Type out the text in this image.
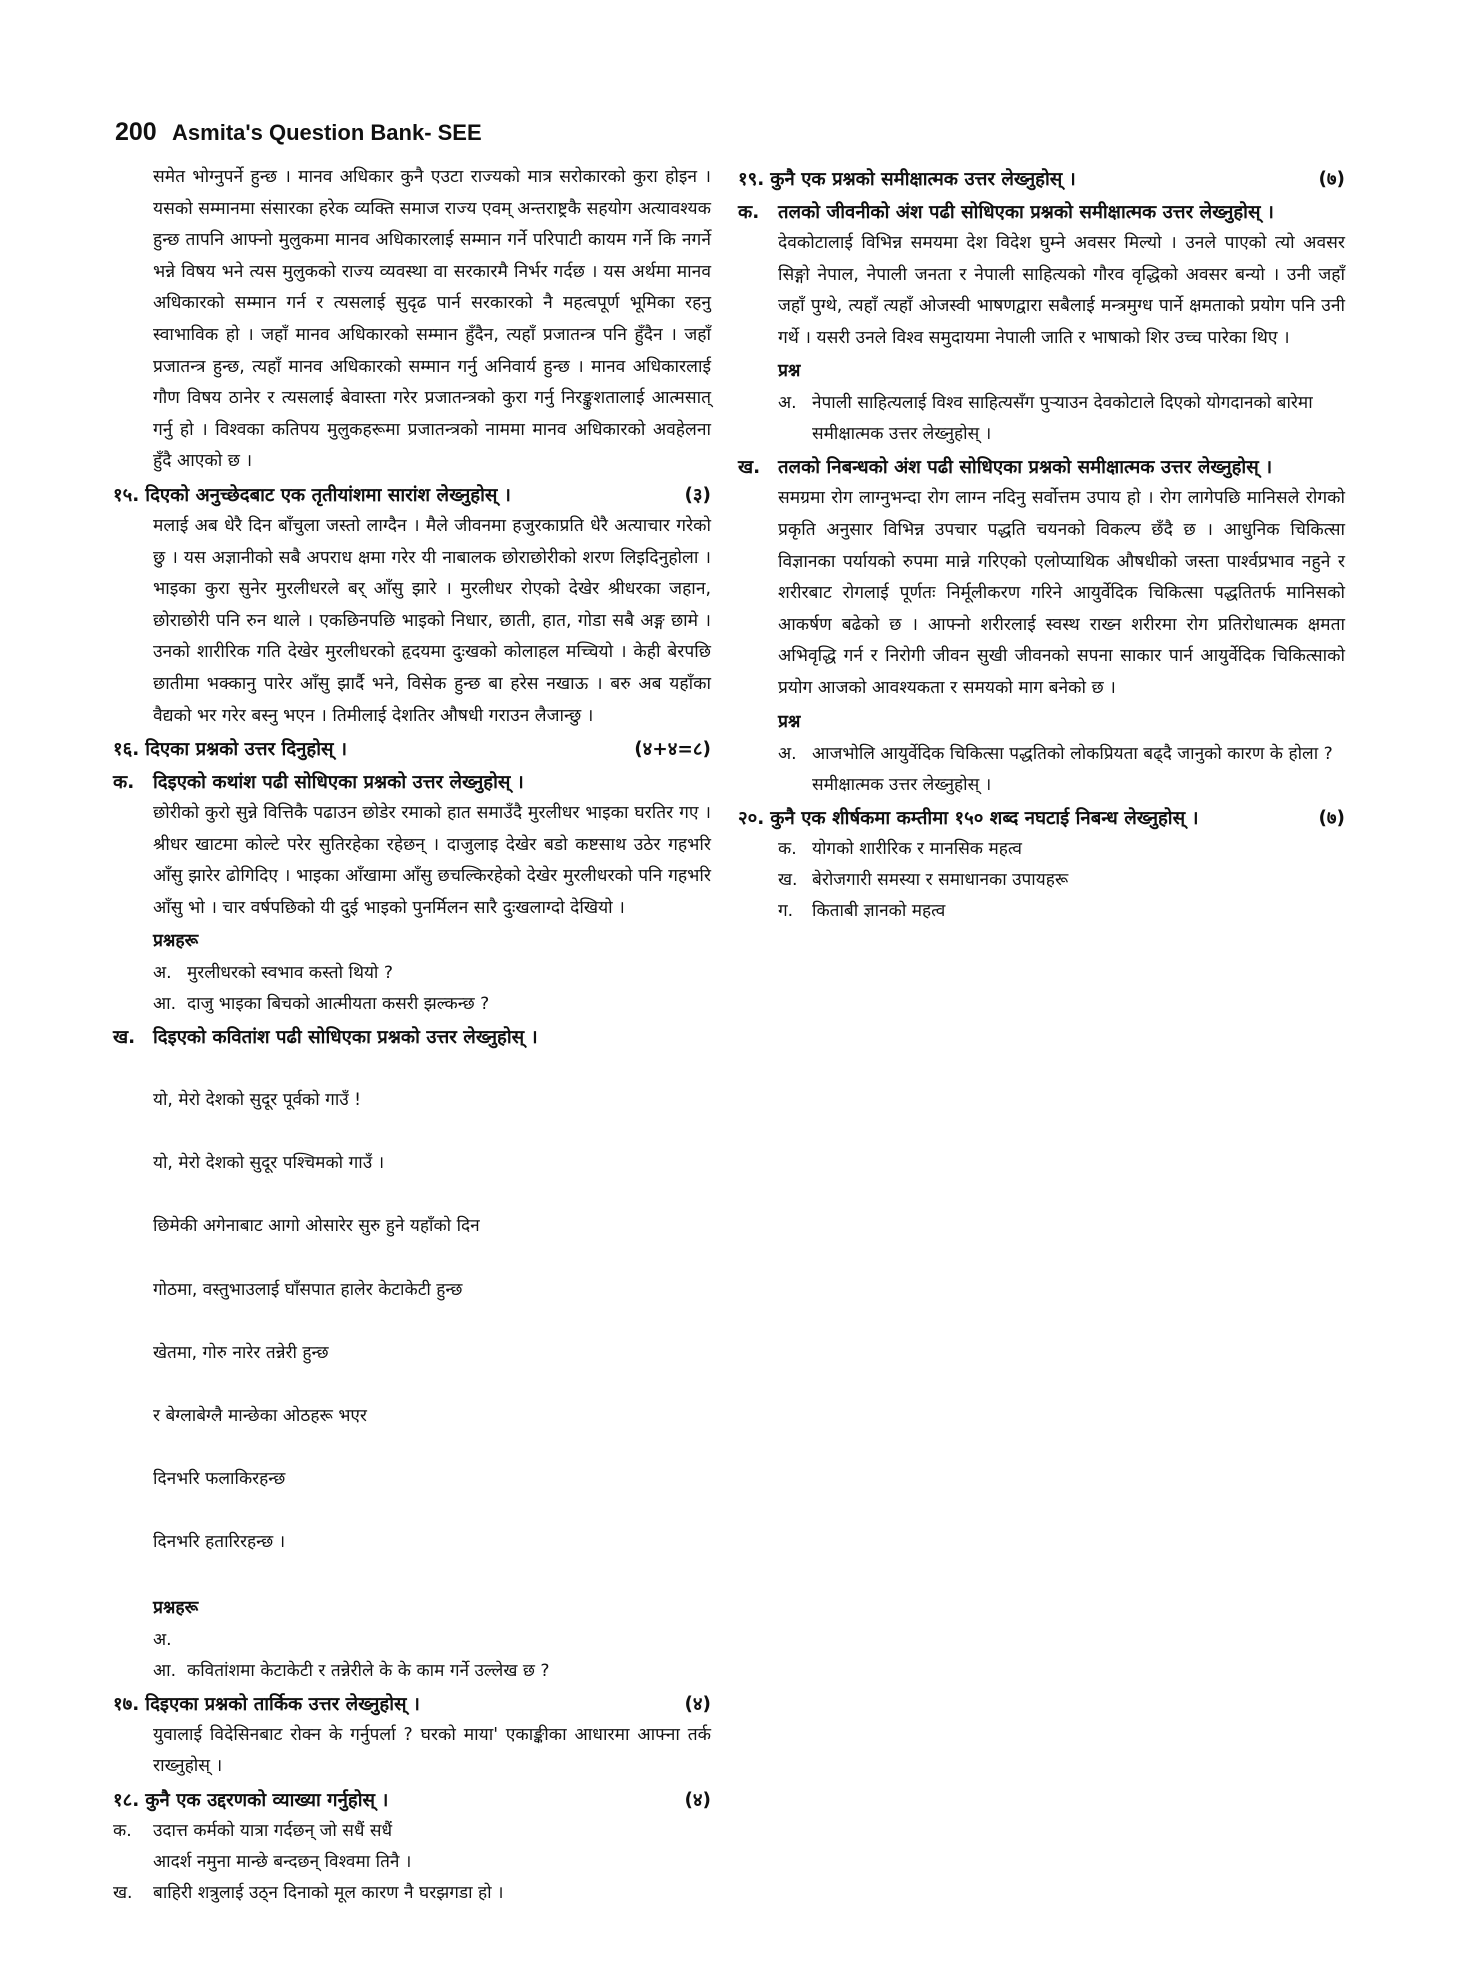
200 Asmita's Question Bank- SEE

समेत भोग्नुपर्ने हुन्छ । मानव अधिकार कुनै एउटा राज्यको मात्र सरोकारको कुरा होइन । यसको सम्मानमा संसारका हरेक व्यक्ति समाज राज्य एवम् अन्तराष्ट्रकै सहयोग अत्यावश्यक हुन्छ तापनि आफ्नो मुलुकमा मानव अधिकारलाई सम्मान गर्ने परिपाटी कायम गर्ने कि नगर्ने भन्ने विषय भने त्यस मुलुकको राज्य व्यवस्था वा सरकारमै निर्भर गर्दछ । यस अर्थमा मानव अधिकारको सम्मान गर्न र त्यसलाई सुदृढ पार्न सरकारको नै महत्वपूर्ण भूमिका रहनु स्वाभाविक हो । जहाँ मानव अधिकारको सम्मान हुँदैन, त्यहाँ प्रजातन्त्र पनि हुँदैन । जहाँ प्रजातन्त्र हुन्छ, त्यहाँ मानव अधिकारको सम्मान गर्नु अनिवार्य हुन्छ । मानव अधिकारलाई गौण विषय ठानेर र त्यसलाई बेवास्ता गरेर प्रजातन्त्रको कुरा गर्नु निरङ्कुशतालाई आत्मसात् गर्नु हो । विश्वका कतिपय मुलुकहरूमा प्रजातन्त्रको नाममा मानव अधिकारको अवहेलना हुँदै आएको छ ।

१५. दिएको अनुच्छेदबाट एक तृतीयांशमा सारांश लेख्नुहोस् ।	(३)

मलाई अब धेरै दिन बाँचुला जस्तो लाग्दैन । मैले जीवनमा हजुरकाप्रति धेरै अत्याचार गरेको छु । यस अज्ञानीको सबै अपराध क्षमा गरेर यी नाबालक छोराछोरीको शरण लिइदिनुहोला । भाइका कुरा सुनेर मुरलीधरले बर् आँसु झारे । मुरलीधर रोएको देखेर श्रीधरका जहान, छोराछोरी पनि रुन थाले । एकछिनपछि भाइको निधार, छाती, हात, गोडा सबै अङ्ग छामे । उनको शारीरिक गति देखेर मुरलीधरको हृदयमा दुःखको कोलाहल मच्चियो । केही बेरपछि छातीमा भक्कानु पारेर आँसु झार्दै भने, विसेक हुन्छ बा हरेस नखाऊ । बरु अब यहाँका वैद्यको भर गरेर बस्नु भएन । तिमीलाई देशतिर औषधी गराउन लैजान्छु ।

१६. दिएका प्रश्नको उत्तर दिनुहोस् ।	(४+४=८)
क.	दिइएको कथांश पढी सोधिएका प्रश्नको उत्तर लेख्नुहोस् ।

छोरीको कुरो सुन्ने वित्तिकै पढाउन छोडेर रमाको हात समाउँदै मुरलीधर भाइका घरतिर गए । श्रीधर खाटमा कोल्टे परेर सुतिरहेका रहेछन् । दाजुलाइ देखेर बडो कष्टसाथ उठेर गहभरि आँसु झारेर ढोगिदिए । भाइका आँखामा आँसु छचल्किरहेको देखेर मुरलीधरको पनि गहभरि आँसु भो । चार वर्षपछिको यी दुई भाइको पुनर्मिलन सारै दुःखलाग्दो देखियो ।

प्रश्नहरू
अ. मुरलीधरको स्वभाव कस्तो थियो ?
आ. दाजु भाइका बिचको आत्मीयता कसरी झल्कन्छ ?
ख. दिइएको कवितांश पढी सोधिएका प्रश्नको उत्तर लेख्नुहोस् ।

यो, मेरो देशको सुदूर पूर्वको गाउँ !

यो, मेरो देशको सुदूर पश्चिमको गाउँ ।

छिमेकी अगेनाबाट आगो ओसारेर सुरु हुने यहाँको दिन

गोठमा, वस्तुभाउलाई घाँसपात हालेर केटाकेटी हुन्छ

खेतमा, गोरु नारेर तन्नेरी हुन्छ

र बेग्लाबेग्लै मान्छेका ओठहरू भएर

दिनभरि फलाकिरहन्छ

दिनभरि हतारिरहन्छ ।

प्रश्नहरू
अ.
आ. कवितांशमा केटाकेटी र तन्नेरीले के के काम गर्ने उल्लेख छ ?
१७. दिइएका प्रश्नको तार्किक उत्तर लेख्नुहोस् ।	(४)

युवालाई विदेसिनबाट रोक्न के गर्नुपर्ला ? घरको माया' एकाङ्कीका आधारमा आफ्ना तर्क राख्नुहोस् ।

१८. कुनै एक उद्दरणको व्याख्या गर्नुहोस् ।	(४)
क.	उदात्त कर्मको यात्रा गर्दछन् जो सधैं सधैं
आदर्श नमुना मान्छे बन्दछन् विश्वमा तिनै ।
ख.	बाहिरी शत्रुलाई उठ्न दिनाको मूल कारण नै घरझगडा हो ।
१९. कुनै एक प्रश्नको समीक्षात्मक उत्तर लेख्नुहोस् ।	(७)
क.	तलको जीवनीको अंश पढी सोधिएका प्रश्नको समीक्षात्मक उत्तर लेख्नुहोस् ।

देवकोटालाई विभिन्न समयमा देश विदेश घुम्ने अवसर मिल्यो । उनले पाएको त्यो अवसर सिङ्गो नेपाल, नेपाली जनता र नेपाली साहित्यको गौरव वृद्धिको अवसर बन्यो । उनी जहाँ जहाँ पुग्थे, त्यहाँ त्यहाँ ओजस्वी भाषणद्वारा सबैलाई मन्त्रमुग्ध पार्ने क्षमताको प्रयोग पनि उनी गर्थे । यसरी उनले विश्व समुदायमा नेपाली जाति र भाषाको शिर उच्च पारेका थिए ।

प्रश्न
अ. नेपाली साहित्यलाई विश्व साहित्यसँग पुऱ्याउन देवकोटाले दिएको योगदानको बारेमा समीक्षात्मक उत्तर लेख्नुहोस् ।
ख. तलको निबन्धको अंश पढी सोधिएका प्रश्नको समीक्षात्मक उत्तर लेख्नुहोस् ।

समग्रमा रोग लाग्नुभन्दा रोग लाग्न नदिनु सर्वोत्तम उपाय हो । रोग लागेपछि मानिसले रोगको प्रकृति अनुसार विभिन्न उपचार पद्धति चयनको विकल्प छँदै छ । आधुनिक चिकित्सा विज्ञानका पर्यायको रुपमा मान्ने गरिएको एलोप्याथिक औषधीको जस्ता पार्श्वप्रभाव नहुने र शरीरबाट रोगलाई पूर्णतः निर्मूलीकरण गरिने आयुर्वेदिक चिकित्सा पद्धतितर्फ मानिसको आकर्षण बढेको छ । आफ्नो शरीरलाई स्वस्थ राख्न शरीरमा रोग प्रतिरोधात्मक क्षमता अभिवृद्धि गर्न र निरोगी जीवन सुखी जीवनको सपना साकार पार्न आयुर्वेदिक चिकित्साको प्रयोग आजको आवश्यकता र समयको माग बनेको छ ।

प्रश्न
अ. आजभोलि आयुर्वेदिक चिकित्सा पद्धतिको लोकप्रियता बढ्दै जानुको कारण के होला ? समीक्षात्मक उत्तर लेख्नुहोस् ।
२०. कुनै एक शीर्षकमा कम्तीमा १५० शब्द नघटाई निबन्ध लेख्नुहोस् ।	(७)
क. योगको शारीरिक र मानसिक महत्व
ख. बेरोजगारी समस्या र समाधानका उपायहरू
ग.	किताबी ज्ञानको महत्व
